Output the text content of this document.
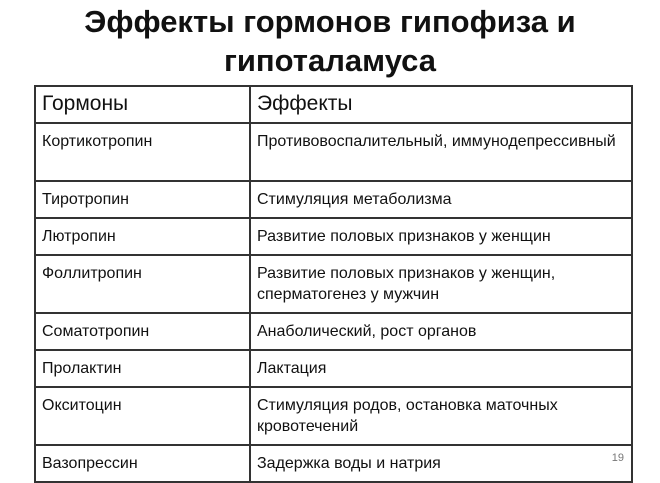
Эффекты гормонов гипофиза и
гипоталамуса
Гормоны	Эффекты
Кортикотропин	Противовоспалительный, иммунодепрессивный
Тиротропин	Стимуляция метаболизма
Лютропин	Развитие половых признаков у женщин
Фоллитропин	Развитие половых признаков у женщин, сперматогенез у мужчин
Соматотропин	Анаболический, рост органов
Пролактин	Лактация
Окситоцин	Стимуляция родов, остановка маточных кровотечений
Вазопрессин	Задержка воды и натрия	19
